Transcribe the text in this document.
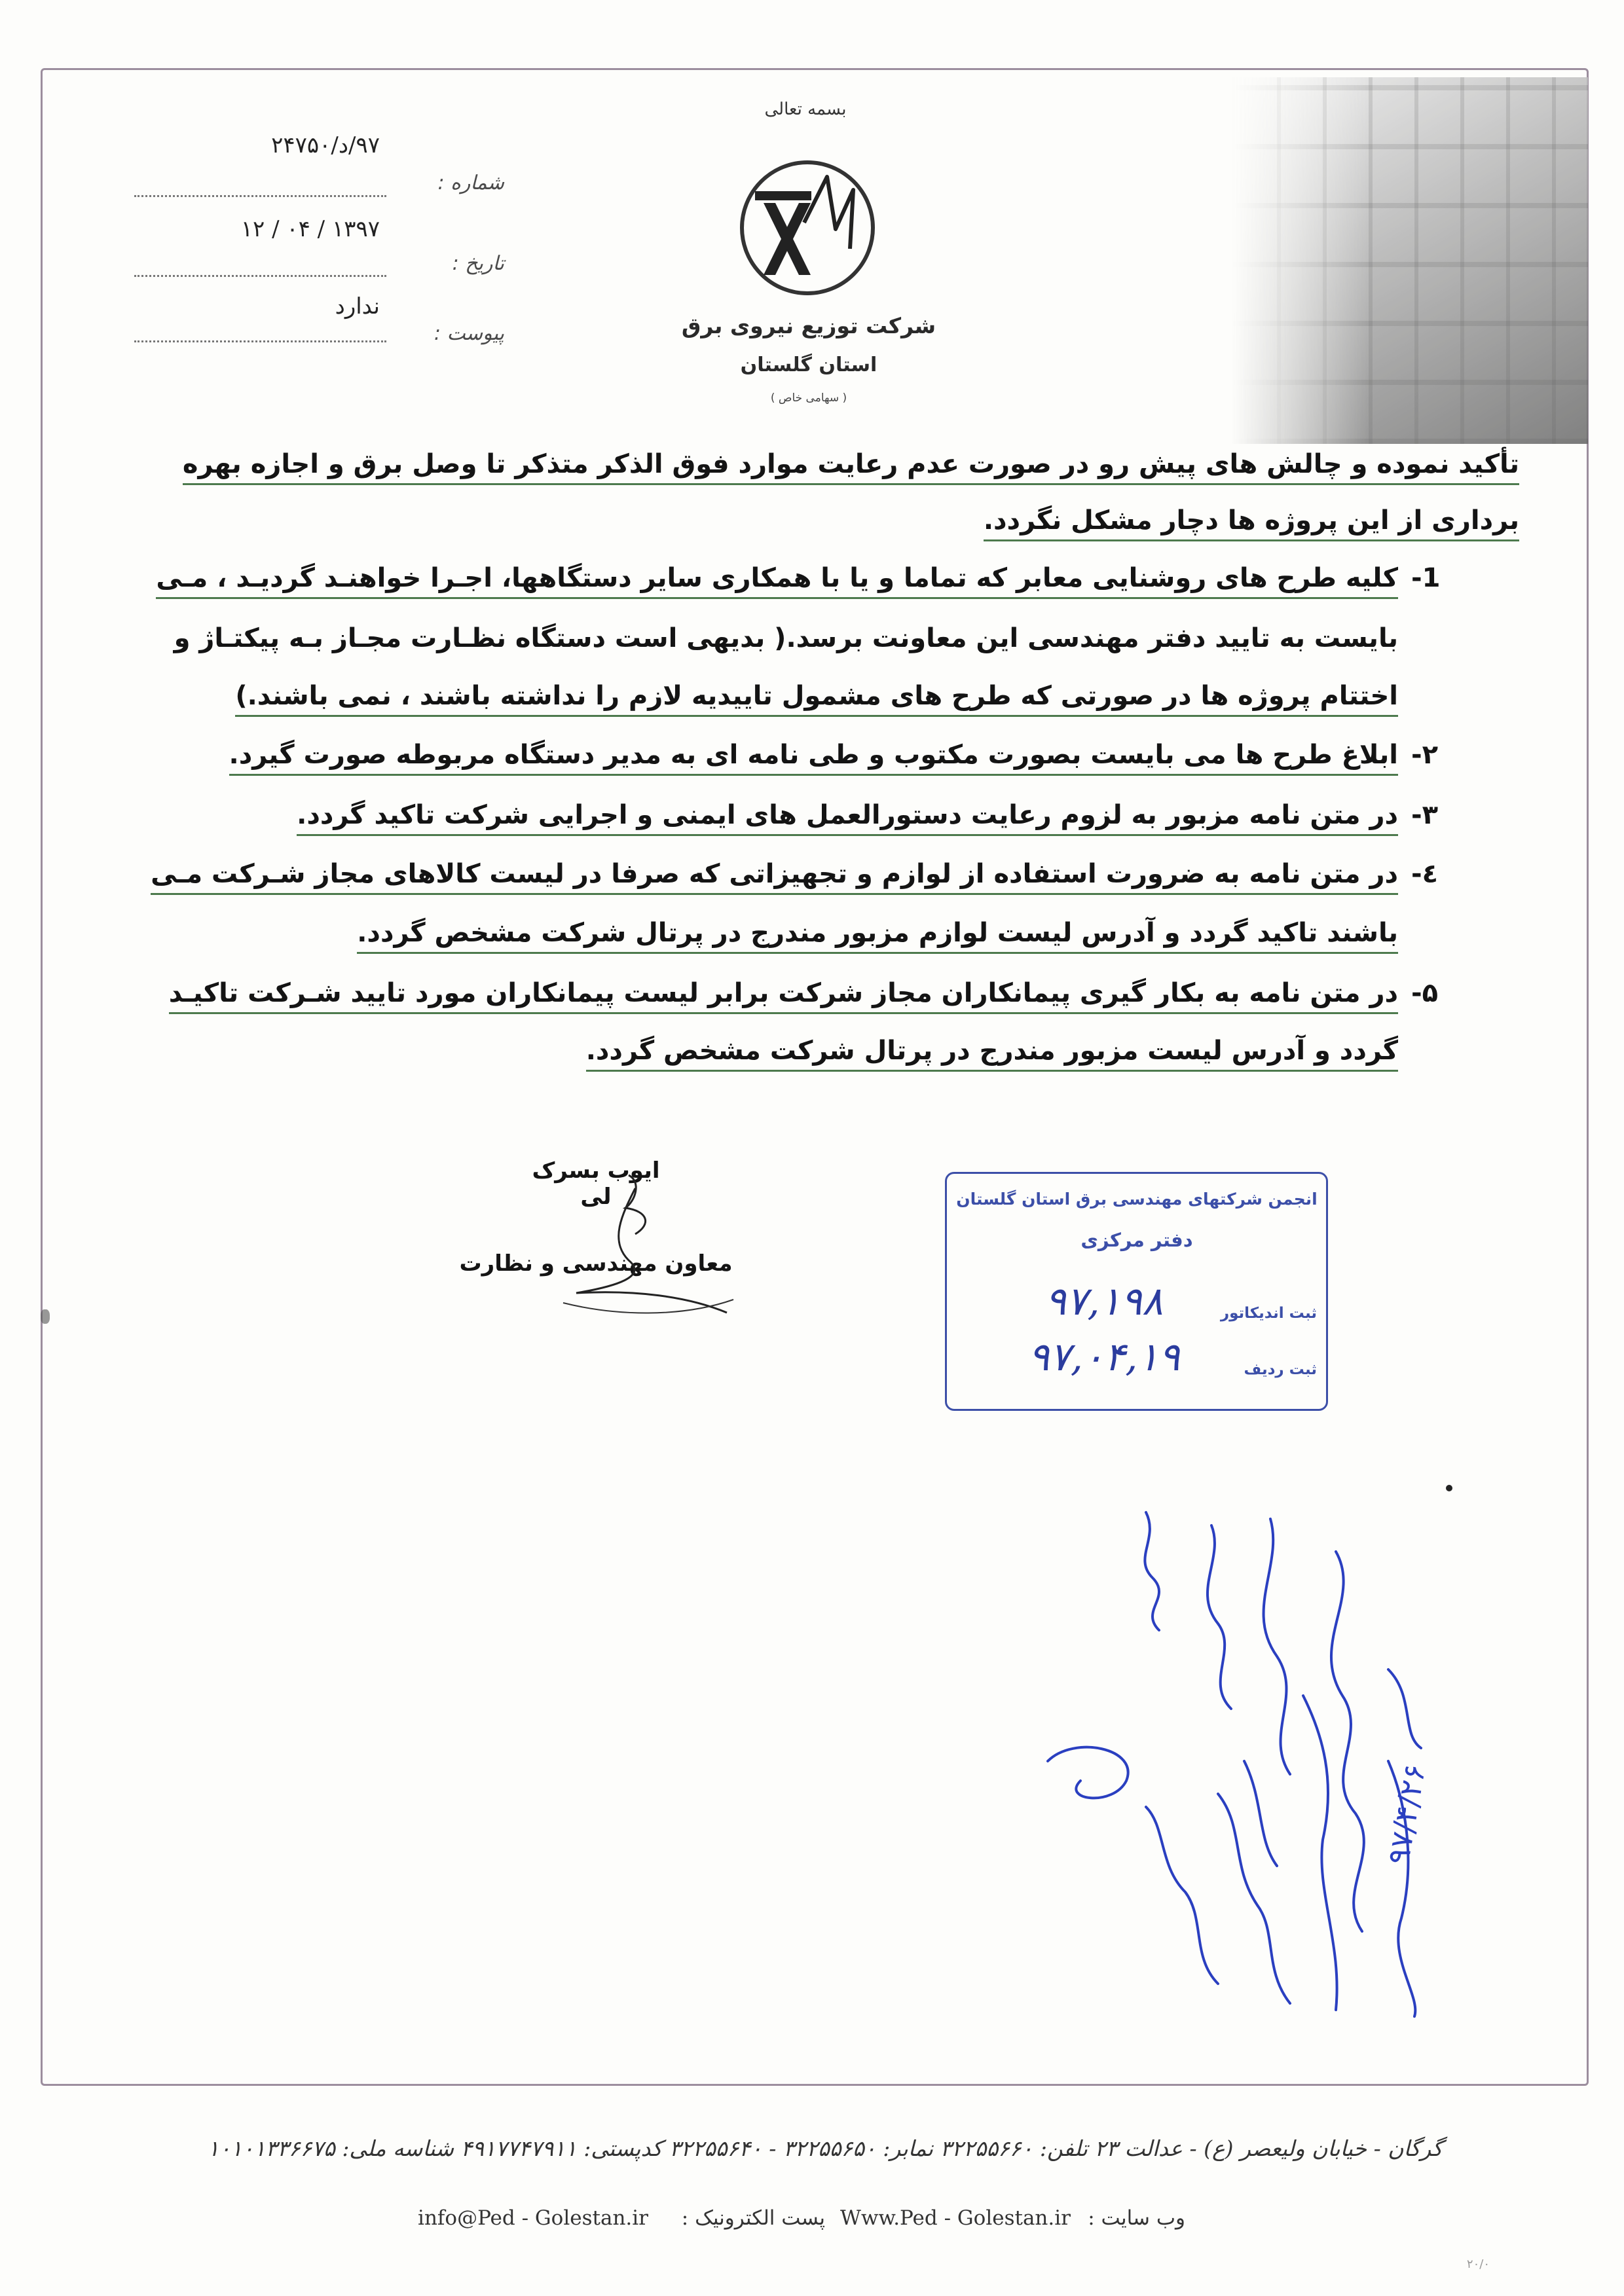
بسمه تعالی
شرکت توزیع نیروی برق
استان گلستان
( سهامی خاص )
۹۷/د/۲۴۷۵۰
شماره :
۱۳۹۷ / ۰۴ / ۱۲
تاریخ :
ندارد
پیوست :
تأکید نموده و چالش های پیش رو در صورت عدم رعایت موارد فوق الذکر متذکر تا وصل برق و اجازه بهره
برداری از این پروژه ها دچار مشکل نگردد.
-1
کلیه طرح های روشنایی معابر که تماما و یا با همکاری سایر دستگاهها، اجـرا خواهنـد گردیـد ، مـی
بایست به تایید دفتر مهندسی این معاونت برسد.( بدیهی است دستگاه نظـارت مجـاز بـه پیکتـاژ و
اختتام پروژه ها در صورتی که طرح های مشمول تاییدیه لازم را نداشته باشند ، نمی باشند.)
-۲
ابلاغ طرح ها می بایست بصورت مکتوب و طی نامه ای به مدیر دستگاه مربوطه صورت گیرد.
-۳
در متن نامه مزبور به لزوم رعایت دستورالعمل های ایمنی و اجرایی شرکت تاکید گردد.
-٤
در متن نامه به ضرورت استفاده از لوازم و تجهیزاتی که صرفا در لیست کالاهای مجاز شـرکت مـی
باشند تاکید گردد و آدرس لیست لوازم مزبور مندرج در پرتال شرکت مشخص گردد.
-۵
در متن نامه به بکار گیری پیمانکاران مجاز شرکت برابر لیست پیمانکاران مورد تایید شـرکت تاکیـد
گردد و آدرس لیست مزبور مندرج در پرتال شرکت مشخص گردد.
ایوب بسرک لی
معاون مهندسی و نظارت
انجمن شرکتهای مهندسی برق استان گلستان
دفتر مرکزی
ثبت اندیکاتور
۹۷,۱۹۸
ثبت ردیف
۹۷,۰۴,۱۹
۹۷/۴/۲۶
گرگان - خیابان ولیعصر (ع) - عدالت ۲۳ تلفن: ۳۲۲۵۵۶۶۰ نمابر: ۳۲۲۵۵۶۵۰ - ۳۲۲۵۵۶۴۰ کدپستی: ۴۹۱۷۷۴۷۹۱۱ شناسه ملی: ۱۰۱۰۱۳۳۶۶۷۵
وب سایت :
Www.Ped - Golestan.ir
پست الکترونیک :
info@Ped - Golestan.ir
۲۰/۰
